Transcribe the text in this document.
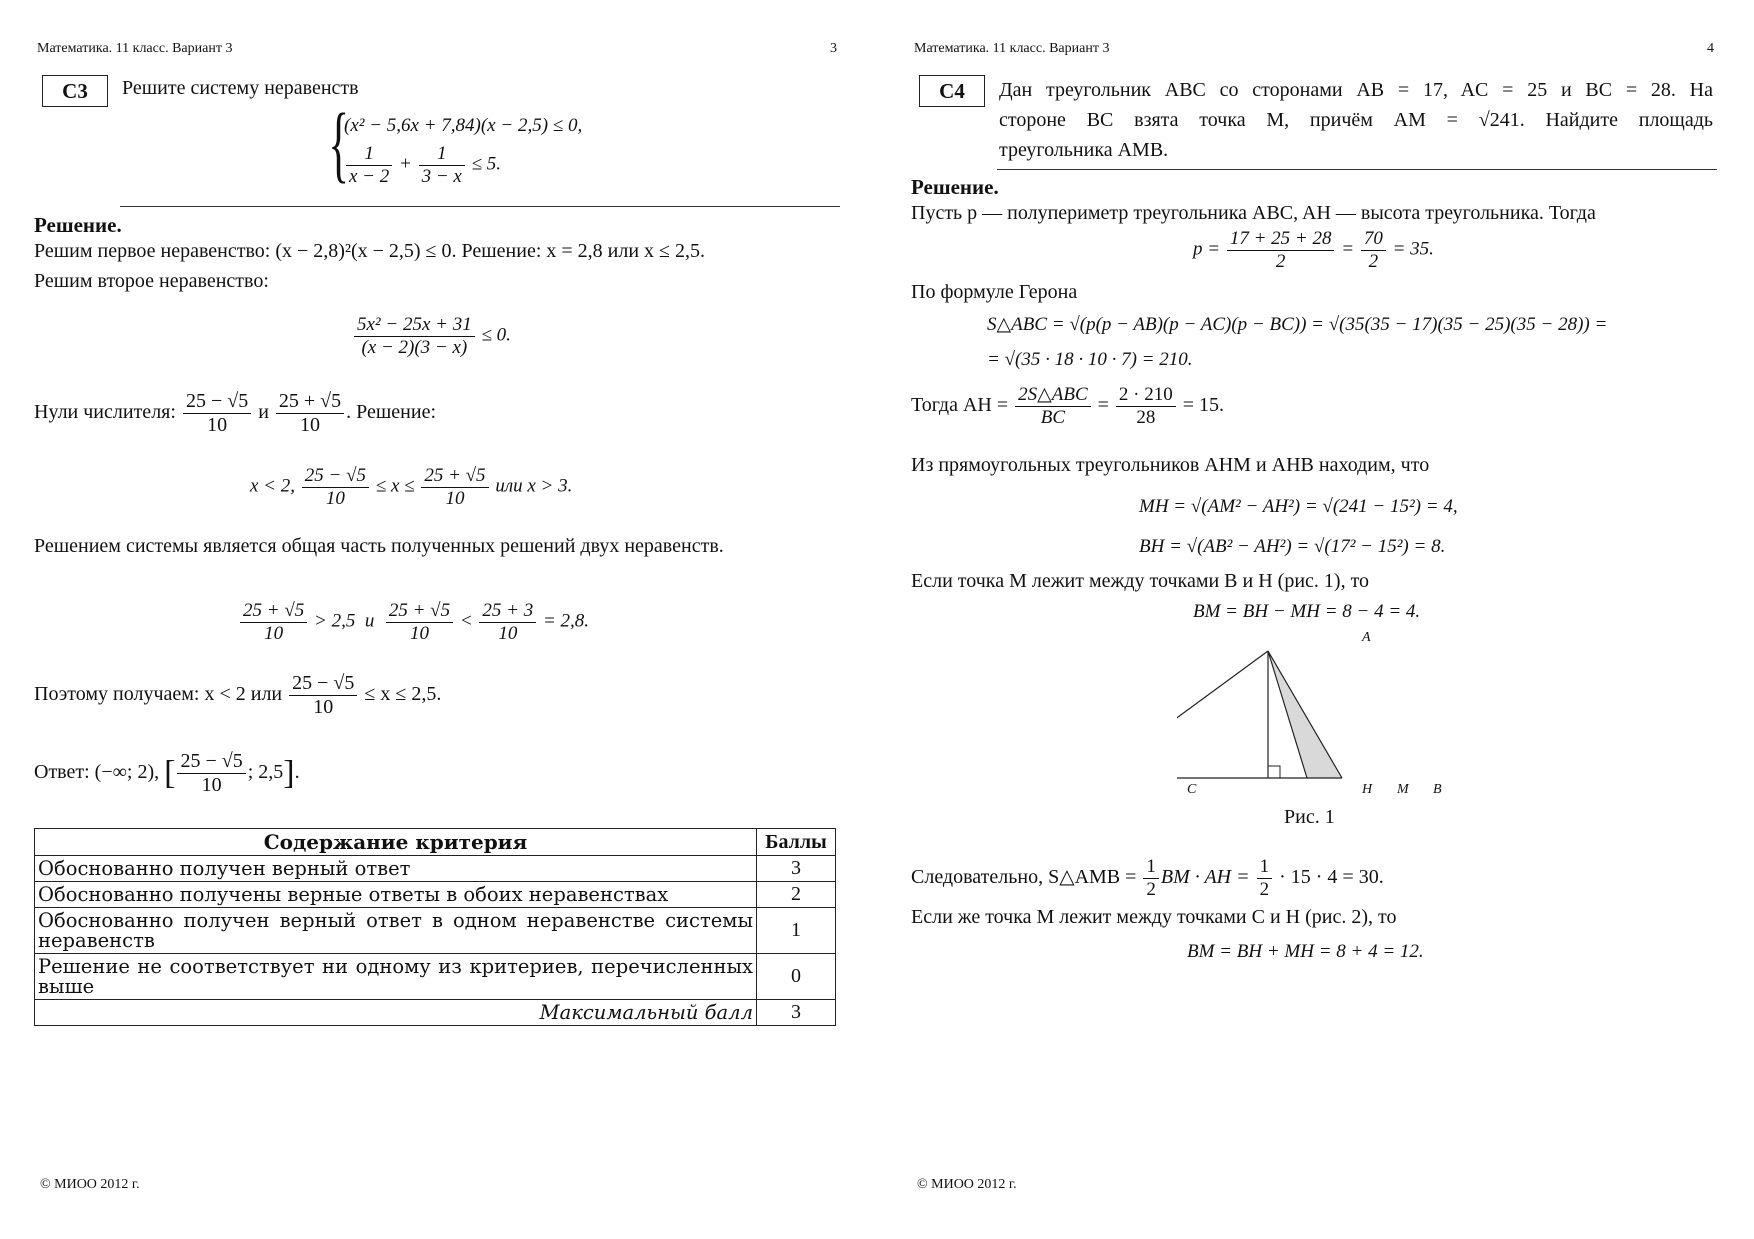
Математика. 11 класс. Вариант 3	3
С3	Решите систему неравенств
{
(x² − 5,6x + 7,84)(x − 2,5) ≤ 0,
$\frac{1}{x - 2} + \frac{1}{3 - x} \le 5$.
Решение.
Решим первое неравенство: (x − 2,8)²(x − 2,5) ≤ 0. Решение: x = 2,8 или x ≤ 2,5.
Решим второе неравенство:
$\frac{\text{5x² − 25x + 31}}{(x - 2)(3 - x)} \le 0$.
Нули числителя: $\frac{25 - √5}{10}$ и $\frac{25 + √5}{10}$ . Решение:
x < 2, $\frac{25 - √5}{10} \le x \le \frac{25 + √5}{10}$ или x > 3.
Решением системы является общая часть полученных решений двух неравенств.
$\frac{25 + √5}{10} > 2,5$ и $\frac{25 + √5}{10} < \frac{25 + 3}{10} = 2,8$.
Поэтому получаем: x < 2 или $\frac{25 - √5}{10} \le x \le 2,5$.
Ответ: (−∞; 2), [ $\frac{25 - √5}{10}$ ; 2,5].
Содержание критерия	Баллы
Обоснованно получен верный ответ	3
Обоснованно получены верные ответы в обоих неравенствах	2
Обоснованно получен верный ответ в одном неравенстве системы неравенств	1
Решение не соответствует ни одному из критериев, перечисленных выше	0
Максимальный балл	3
© МИОО 2012 г.
Математика. 11 класс. Вариант 3	4
С4	Дан треугольник ABC со сторонами AB = 17, AC = 25 и BC = 28. На
стороне BC взята точка M, причём AM = √241. Найдите площадь
треугольника AMB.
Решение.
Пусть p — полупериметр треугольника ABC, AH — высота треугольника. Тогда
$p = \frac{17 + 25 + 28}{2} = \frac{70}{2} = 35$.
По формуле Герона
S△ABC = √(p(p − AB)(p − AC)(p − BC)) = √(35(35 − 17)(35 − 25)(35 − 28)) =
= √(35 · 18 · 10 · 7) = 210.
Тогда AH = $\frac{\text{2S△ABC}}{BC} = \frac{2 \cdot 210}{28} = 15$.
Из прямоугольных треугольников AHM и AHB находим, что
MH = √(AM² − AH²) = √(241 − 15²) = 4,
BH = √(AB² − AH²) = √(17² − 15²) = 8.
Если точка M лежит между точками B и H (рис. 1), то
BM = BH − MH = 8 − 4 = 4.
A
C	H M B
Рис. 1
Следовательно, S△AMB = $\frac{1}{2}$ BM · AH = $\frac{1}{2} \cdot 15 \cdot 4 = 30$.
Если же точка M лежит между точками C и H (рис. 2), то
BM = BH + MH = 8 + 4 = 12.
© МИОО 2012 г.
